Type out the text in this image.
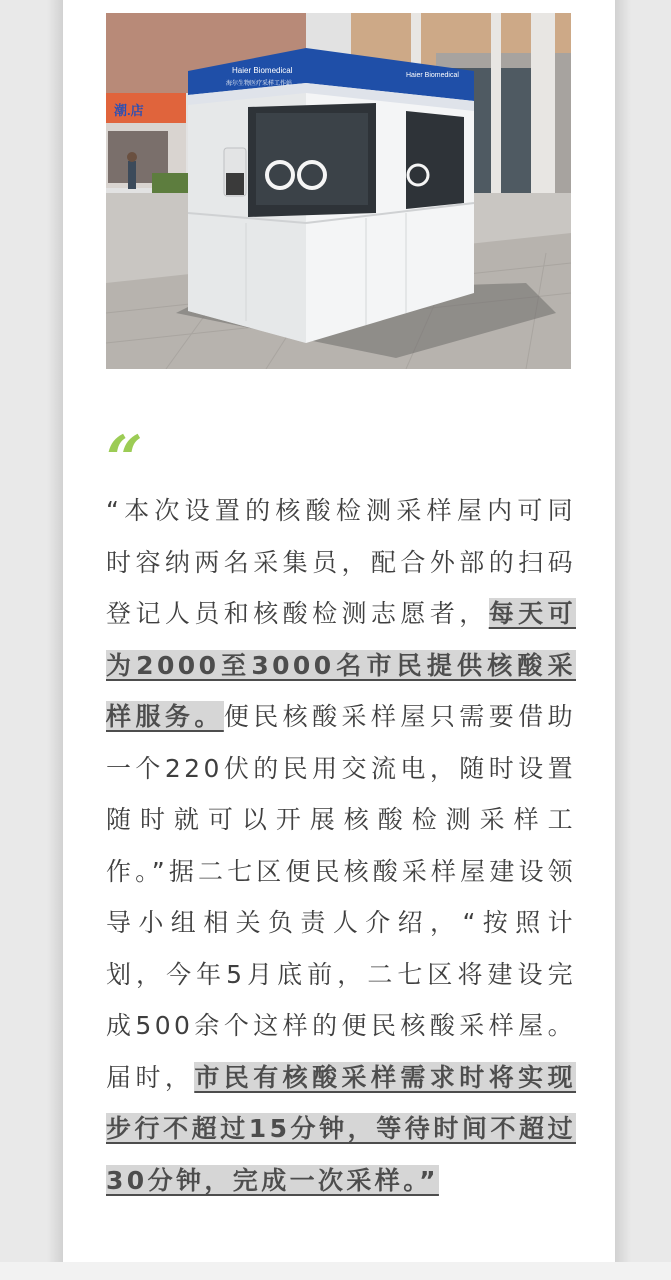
潮.店
Haier Biomedical
海尔生物医疗采样工作站
Haier Biomedical
“

“本次设置的核酸检测采样屋内可同时容纳两名采集员，配合外部的扫码登记人员和核酸检测志愿者，每天可为2000至3000名市民提供核酸采样服务。便民核酸采样屋只需要借助一个220伏的民用交流电，随时设置随时就可以开展核酸检测采样工作。”据二七区便民核酸采样屋建设领导小组相关负责人介绍，“按照计划，今年5月底前，二七区将建设完成500余个这样的便民核酸采样屋。届时，市民有核酸采样需求时将实现步行不超过15分钟，等待时间不超过30分钟，完成一次采样。”
